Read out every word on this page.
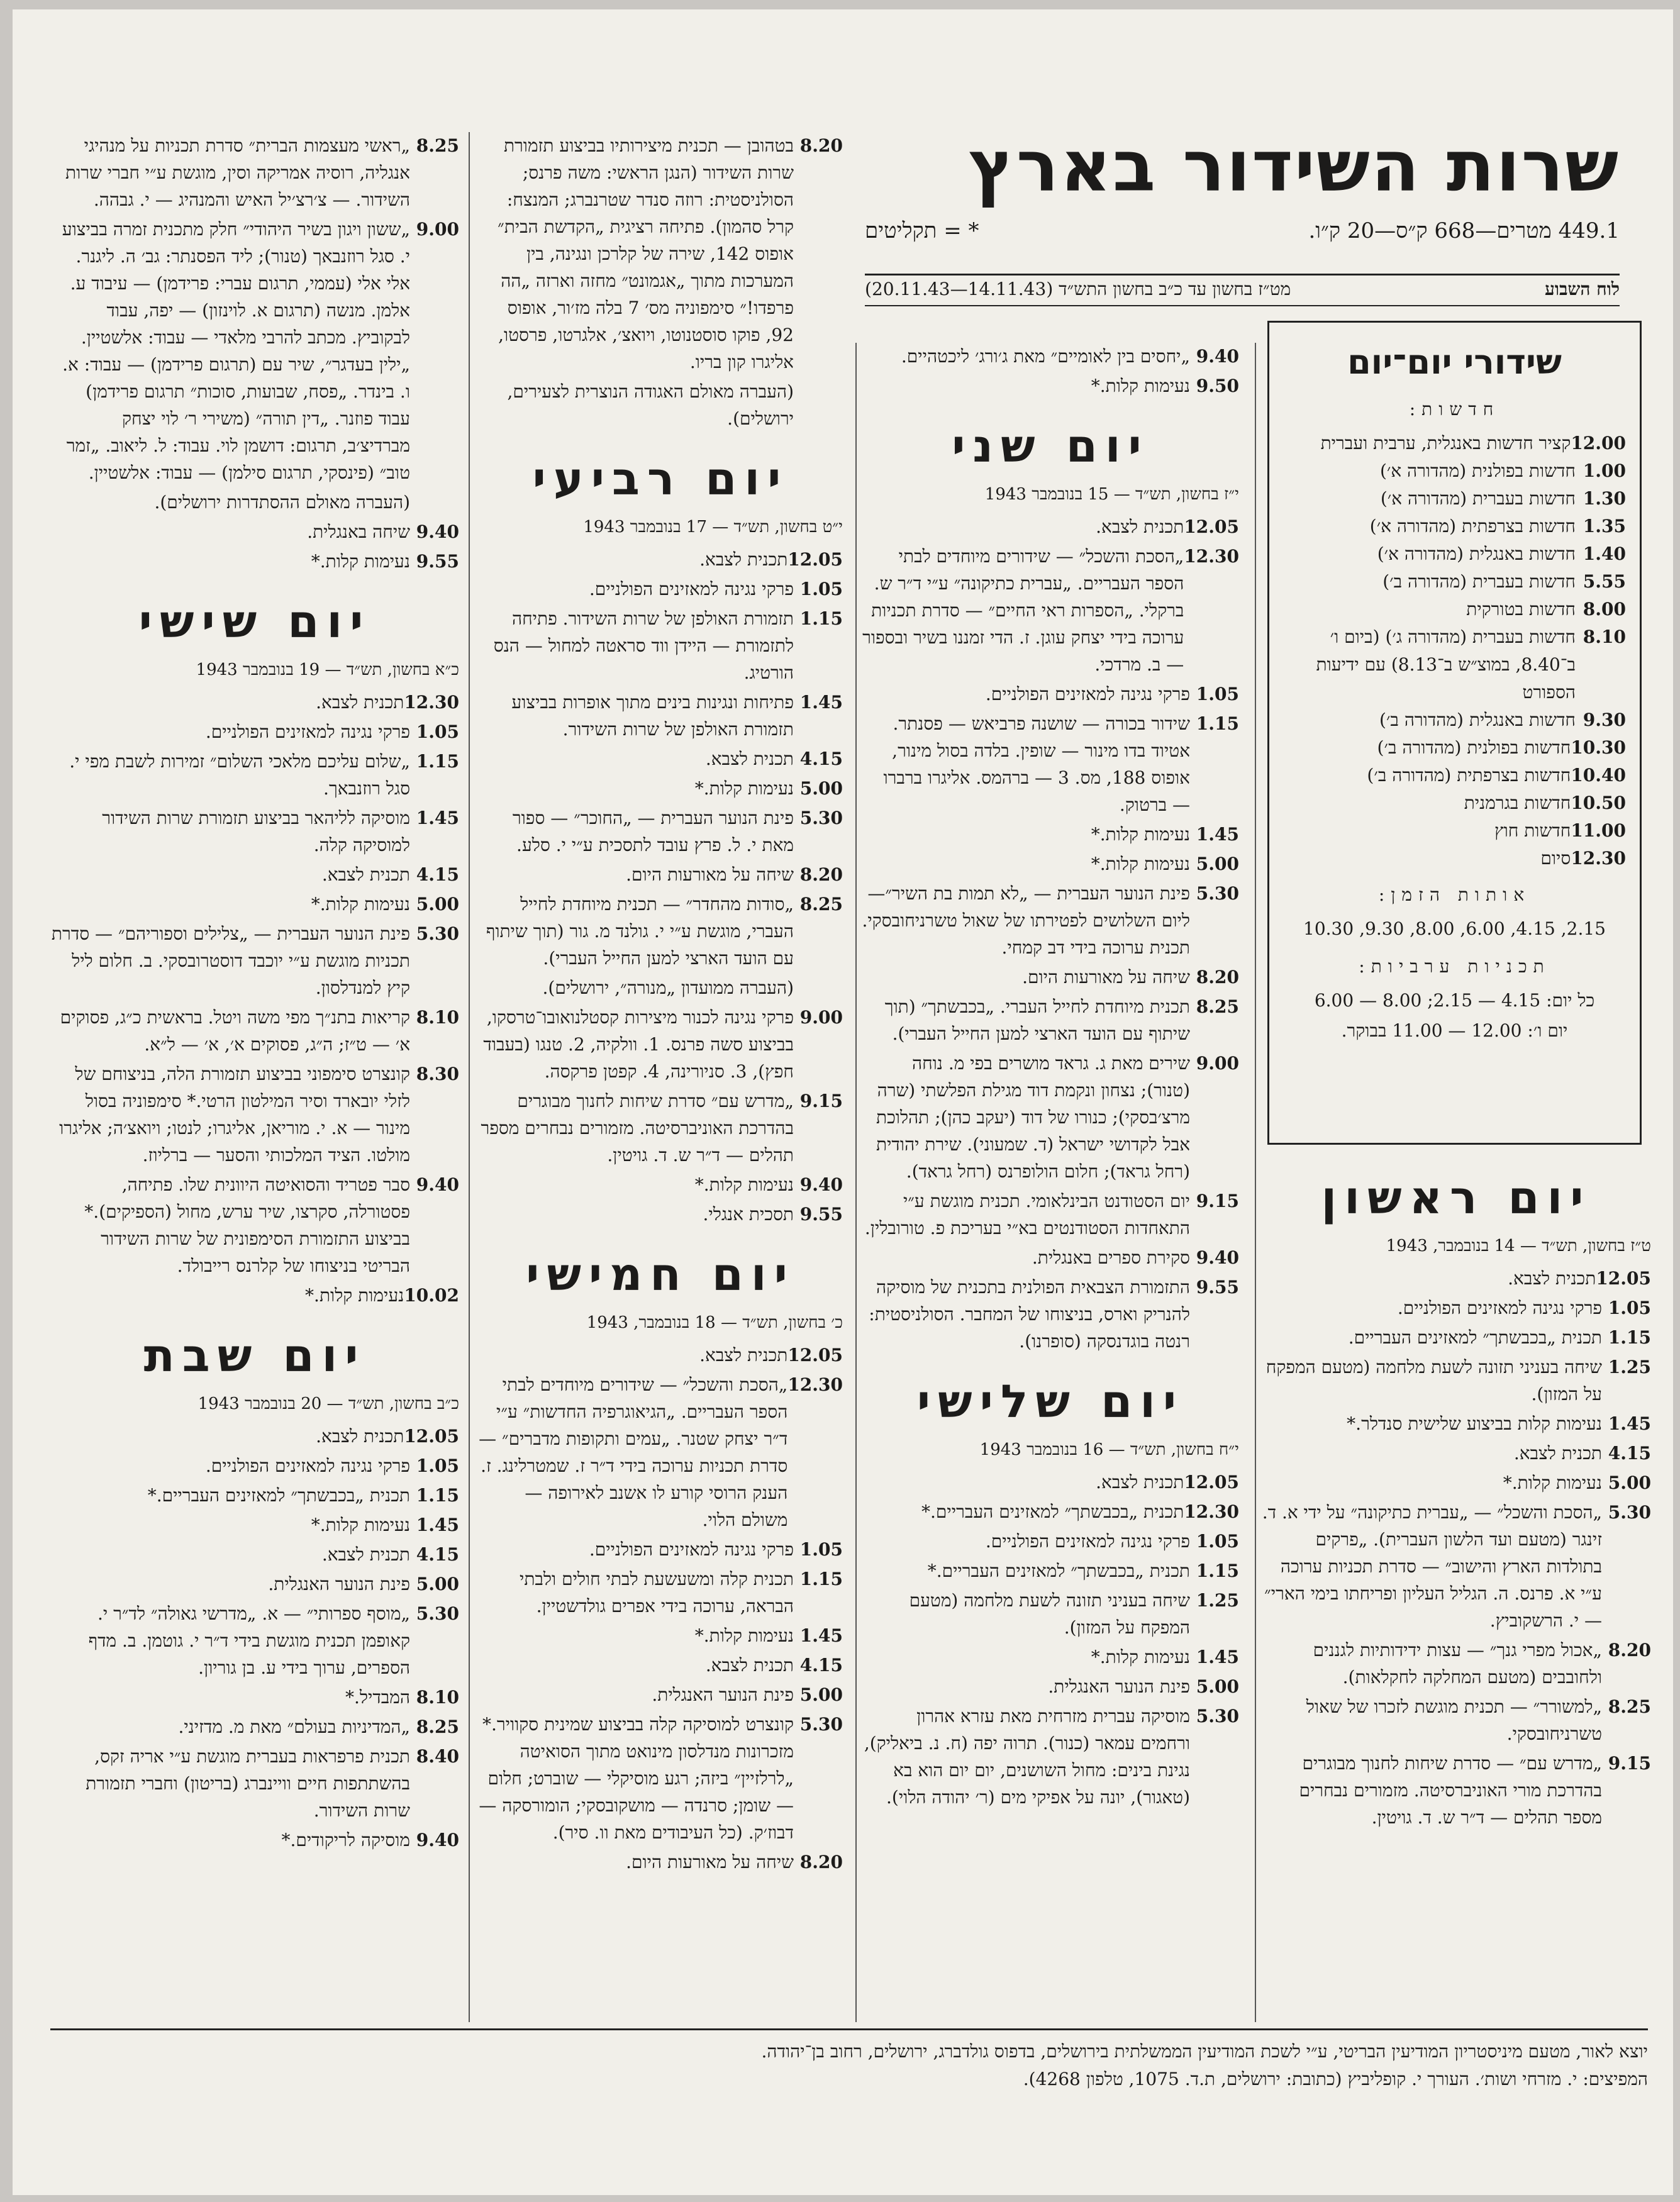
שרות השידור בארץ
449.1 מטרים—668 ק״ס—20 ק״ו.
* = תקליטים
לוח השבוע
מט״ז בחשון עד כ״ב בחשון התש״ד (14.11.43—20.11.43)
יום ראשון
ט״ז בחשון, תש״ד — 14 בנובמבר, 1943
12.05
תכנית לצבא.
1.05
פרקי נגינה למאזינים הפולניים.
1.15
תכנית „בכבשתך״ למאזינים העבריים.
1.25
שיחה בעניני תזונה לשעת מלחמה (מטעם המפקח על המזון).
1.45
נעימות קלות בביצוע שלישית סנדלר.*
4.15
תכנית לצבא.
5.00
נעימות קלות.*
5.30
„הסכת והשכל״ — „עברית כתיקונה״ על ידי א. ד. זינגר (מטעם ועד הלשון העברית). „פרקים בתולדות הארץ והישוב״ — סדרת תכניות ערוכה ע״י א. פרנס. ה. הגליל העליון ופריחתו בימי הארי״ — י. הרשקוביץ.
8.20
„אכול מפרי גנך״ — עצות ידידותיות לגננים ולחובבים (מטעם המחלקה לחקלאות).
8.25
„למשורר״ — תכנית מוגשת לזכרו של שאול טשרניחובסקי.
9.15
„מדרש עם״ — סדרת שיחות לחנוך מבוגרים בהדרכת מורי האוניברסיטה. מזמורים נבחרים מספר תהלים — ד״ר ש. ד. גויטין.
שידורי יום־יום
חדשות:
12.00
קציר חדשות באנגלית, ערבית ועברית
1.00
חדשות בפולנית (מהדורה א׳)
1.30
חדשות בעברית (מהדורה א׳)
1.35
חדשות בצרפתית (מהדורה א׳)
1.40
חדשות באנגלית (מהדורה א׳)
5.55
חדשות בעברית (מהדורה ב׳)
8.00
חדשות בטורקית
8.10
חדשות בעברית (מהדורה ג׳) (ביום ו׳ ב־8.40, במוצ״ש ב־8.13) עם ידיעות הספורט
9.30
חדשות באנגלית (מהדורה ב׳)
10.30
חדשות בפולנית (מהדורה ב׳)
10.40
חדשות בצרפתית (מהדורה ב׳)
10.50
חדשות בגרמנית
11.00
חדשות חוץ
12.30
סיום
אותות הזמן:
2.15, 4.15, 6.00, 8.00, 9.30, 10.30
תכניות ערביות:
כל יום: 4.15 — 2.15; 8.00 — 6.00
יום ו׳: 12.00 — 11.00 בבוקר.
9.40
„יחסים בין לאומיים״ מאת ג׳ורג׳ ליכטהיים.
9.50
נעימות קלות.*
יום שני
י״ז בחשון, תש״ד — 15 בנובמבר 1943
12.05
תכנית לצבא.
12.30
„הסכת והשכל״ — שידורים מיוחדים לבתי הספר העבריים. „עברית כתיקונה״ ע״י ד״ר ש. ברקלי. „הספרות ראי החיים״ — סדרת תכניות ערוכה בידי יצחק עוגן. ז. הדי זמננו בשיר ובספור — ב. מרדכי.
1.05
פרקי נגינה למאזינים הפולניים.
1.15
שידור בכורה — שושנה פרביאש — פסנתר. אטיוד בדו מינור — שופין. בלדה בסול מינור, אופוס 188, מס. 3 — ברהמס. אליגרו ברברו — ברטוק.
1.45
נעימות קלות.*
5.00
נעימות קלות.*
5.30
פינת הנוער העברית — „לא תמות בת השיר״—ליום השלושים לפטירתו של שאול טשרניחובסקי. תכנית ערוכה בידי דב קמחי.
8.20
שיחה על מאורעות היום.
8.25
תכנית מיוחדת לחייל העברי. „בכבשתך״ (תוך שיתוף עם הועד הארצי למען החייל העברי).
9.00
שירים מאת ג. גראד מושרים בפי מ. נוחה (טנור); נצחון ונקמת דוד מגילת הפלשתי (שרה מרצ׳בסקי); כנורו של דוד (יעקב כהן); תהלוכת אבל לקדושי ישראל (ד. שמעוני). שירת יהודית (רחל גראד); חלום הולופרנס (רחל גראד).
9.15
יום הסטודנט הבינלאומי. תכנית מוגשת ע״י התאחדות הסטודנטים בא״י בעריכת פ. טורובלין.
9.40
סקירת ספרים באנגלית.
9.55
התזמורת הצבאית הפולנית בתכנית של מוסיקה להנריק וארס, בניצוחו של המחבר. הסולניסטית: רנטה בוגדנסקה (סופרנו).
יום שלישי
י״ח בחשון, תש״ד — 16 בנובמבר 1943
12.05
תכנית לצבא.
12.30
תכנית „בכבשתך״ למאזינים העבריים.*
1.05
פרקי נגינה למאזינים הפולניים.
1.15
תכנית „בכבשתך״ למאזינים העבריים.*
1.25
שיחה בעניני תזונה לשעת מלחמה (מטעם המפקח על המזון).
1.45
נעימות קלות.*
5.00
פינת הנוער האנגלית.
5.30
מוסיקה עברית מזרחית מאת עזרא אהרון ורחמים עמאר (כנור). תרוה יפה (ח. נ. ביאליק), נגינת בינים: מחול השושנים, יום יום הוא בא (טאגור), יונה על אפיקי מים (ר׳ יהודה הלוי).
8.20
בטהובן — תכנית מיצירותיו בביצוע תזמורת שרות השידור (הנגן הראשי: משה פרנס; הסולניסטית: רוזה סנדר שטרנברג; המנצח: קרל סהמון). פתיחה רציגית „הקדשת הבית״ אופוס 142, שירה של קלרכן ונגינה, בין המערכות מתוך „אגמונט״ מחזה וארזה „הה פרפדו!״ סימפוניה מס׳ 7 בלה מז׳ור, אופוס 92, פוקו סוסטנוטו, ויואצ׳, אלגרטו, פרסטו, אליגרו קון בריו.
(העברה מאולם האגודה הנוצרית לצעירים, ירושלים).
יום רביעי
י״ט בחשון, תש״ד — 17 בנובמבר 1943
12.05
תכנית לצבא.
1.05
פרקי נגינה למאזינים הפולניים.
1.15
תזמורת האולפן של שרות השידור. פתיחה לתזמורת — היידן ווד סראטה למחול — הנס הורטיג.
1.45
פתיחות ונגינות בינים מתוך אופרות בביצוע תזמורת האולפן של שרות השידור.
4.15
תכנית לצבא.
5.00
נעימות קלות.*
5.30
פינת הנוער העברית — „החוכר״ — ספור מאת י. ל. פרץ עובד לתסכית ע״י י. סלע.
8.20
שיחה על מאורעות היום.
8.25
„סודות מהחדר״ — תכנית מיוחדת לחייל העברי, מוגשת ע״י י. גולנד מ. גור (תוך שיתוף עם הועד הארצי למען החייל העברי).
(העברה ממועדון „מנורה״, ירושלים).
9.00
פרקי נגינה לכנור מיצירות קסטלנואובו־טרסקו, בביצוע סשה פרנס. 1. וולקיה, 2. טנגו (בעבוד חפץ), 3. סניורינה, 4. קפטן פרקסה.
9.15
„מדרש עם״ סדרת שיחות לחנוך מבוגרים בהדרכת האוניברסיטה. מזמורים נבחרים מספר תהלים — ד״ר ש. ד. גויטין.
9.40
נעימות קלות.*
9.55
תסכית אנגלי.
יום חמישי
כ׳ בחשון, תש״ד — 18 בנובמבר, 1943
12.05
תכנית לצבא.
12.30
„הסכת והשכל״ — שידורים מיוחדים לבתי הספר העבריים. „הגיאוגרפיה החדשות״ ע״י ד״ר יצחק שטנר. „עמים ותקופות מדברים״ — סדרת תכניות ערוכה בידי ד״ר ז. שמטרלינג. ז. הענק הרוסי קורע לו אשנב לאירופה — משולם הלוי.
1.05
פרקי נגינה למאזינים הפולניים.
1.15
תכנית קלה ומשעשעת לבתי חולים ולבתי הבראה, ערוכה בידי אפרים גולדשטיין.
1.45
נעימות קלות.*
4.15
תכנית לצבא.
5.00
פינת הנוער האנגלית.
5.30
קונצרט למוסיקה קלה בביצוע שמינית סקוויר.* מזכרונות מנדלסון מינואט מתוך הסואיטה „לרלזיין״ ביזה; רגע מוסיקלי — שוברט; חלום — שומן; סרנדה — מושקובסקי; הומורסקה — דבוז׳ק. (כל העיבודים מאת וו. סיר).
8.20
שיחה על מאורעות היום.
8.25
„ראשי מעצמות הברית״ סדרת תכניות על מנהיגי אנגליה, רוסיה אמריקה וסין, מוגשת ע״י חברי שרות השידור. — צ׳רצ׳יל האיש והמנהיג — י. גבהה.
9.00
„ששון ויגון בשיר היהודי״ חלק מתכנית זמרה בביצוע י. סגל רוזנבאך (טנור); ליד הפסנתר: גב׳ ה. ליגנר. אלי אלי (עממי, תרגום עברי: פרידמן) — עיבוד ע. אלמן. מנשה (תרגום א. לוינזון) — יפה, עבוד לבקוביץ. מכתב להרבי מלאדי — עבוד: אלשטיין. „ילין בעדגר״, שיר עם (תרגום פרידמן) — עבוד: א. ו. בינדר. „פסח, שבועות, סוכות״ תרגום פרידמן) עבוד פוזנר. „דין תורה״ (משירי ר׳ לוי יצחק מברדיצ׳ב, תרגום: דושמן לוי. עבוד: ל. ליאוב. „זמר טוב״ (פינסקי, תרגום סילמן) — עבוד: אלשטיין.
(העברה מאולם ההסתדרות ירושלים).
9.40
שיחה באנגלית.
9.55
נעימות קלות.*
יום שישי
כ״א בחשון, תש״ד — 19 בנובמבר 1943
12.30
תכנית לצבא.
1.05
פרקי נגינה למאזינים הפולניים.
1.15
„שלום עליכם מלאכי השלום״ זמירות לשבת מפי י. סגל רוזנבאך.
1.45
מוסיקה לליהאר בביצוע תזמורת שרות השידור למוסיקה קלה.
4.15
תכנית לצבא.
5.00
נעימות קלות.*
5.30
פינת הנוער העברית — „צלילים וספוריהם״ — סדרת תכניות מוגשת ע״י יוכבד דוסטרובסקי. ב. חלום ליל קיץ למנדלסון.
8.10
קריאות בתנ״ך מפי משה ויטל. בראשית כ״ג, פסוקים א׳ — ט״ז; ה״ג, פסוקים א׳, א׳ — ל״א.
8.30
קונצרט סימפוני בביצוע תזמורת הלה, בניצוחם של לזלי יובארד וסיר המילטון הרטי.* סימפוניה בסול מינור — א. י. מוריאן, אליגרו; לנטו; ויואצ׳ה; אליגרו מולטו. הציד המלכותי והסער — ברליוז.
9.40
סבר פטריד והסואיטה היוונית שלו. פתיחה, פסטורלה, סקרצו, שיר ערש, מחול (הספיקים).* בביצוע התזמורת הסימפונית של שרות השידור הבריטי בניצוחו של קלרנס רייבולד.
10.02
נעימות קלות.*
יום שבת
כ״ב בחשון, תש״ד — 20 בנובמבר 1943
12.05
תכנית לצבא.
1.05
פרקי נגינה למאזינים הפולניים.
1.15
תכנית „בכבשתך״ למאזינים העבריים.*
1.45
נעימות קלות.*
4.15
תכנית לצבא.
5.00
פינת הנוער האנגלית.
5.30
„מוסף ספרותי״ — א. „מדרשי גאולה״ לד״ר י. קאופמן תכנית מוגשת בידי ד״ר י. גוטמן. ב. מדף הספרים, ערוך בידי ע. בן גוריון.
8.10
המבדיל.*
8.25
„המדיניות בעולם״ מאת מ. מדזיני.
8.40
תכנית פרפראות בעברית מוגשת ע״י אריה זקס, בהשתתפות חיים וויינברג (בריטון) וחברי תזמורת שרות השידור.
9.40
מוסיקה לריקודים.*
יוצא לאור, מטעם מיניסטריון המודיעין הבריטי, ע״י לשכת המודיעין הממשלתית בירושלים, בדפוס גולדברג, ירושלים, רחוב בן־יהודה.
המפיצים: י. מזרחי ושות׳. העורך י. קופליביץ (כתובת: ירושלים, ת.ד. 1075, טלפון 4268).
